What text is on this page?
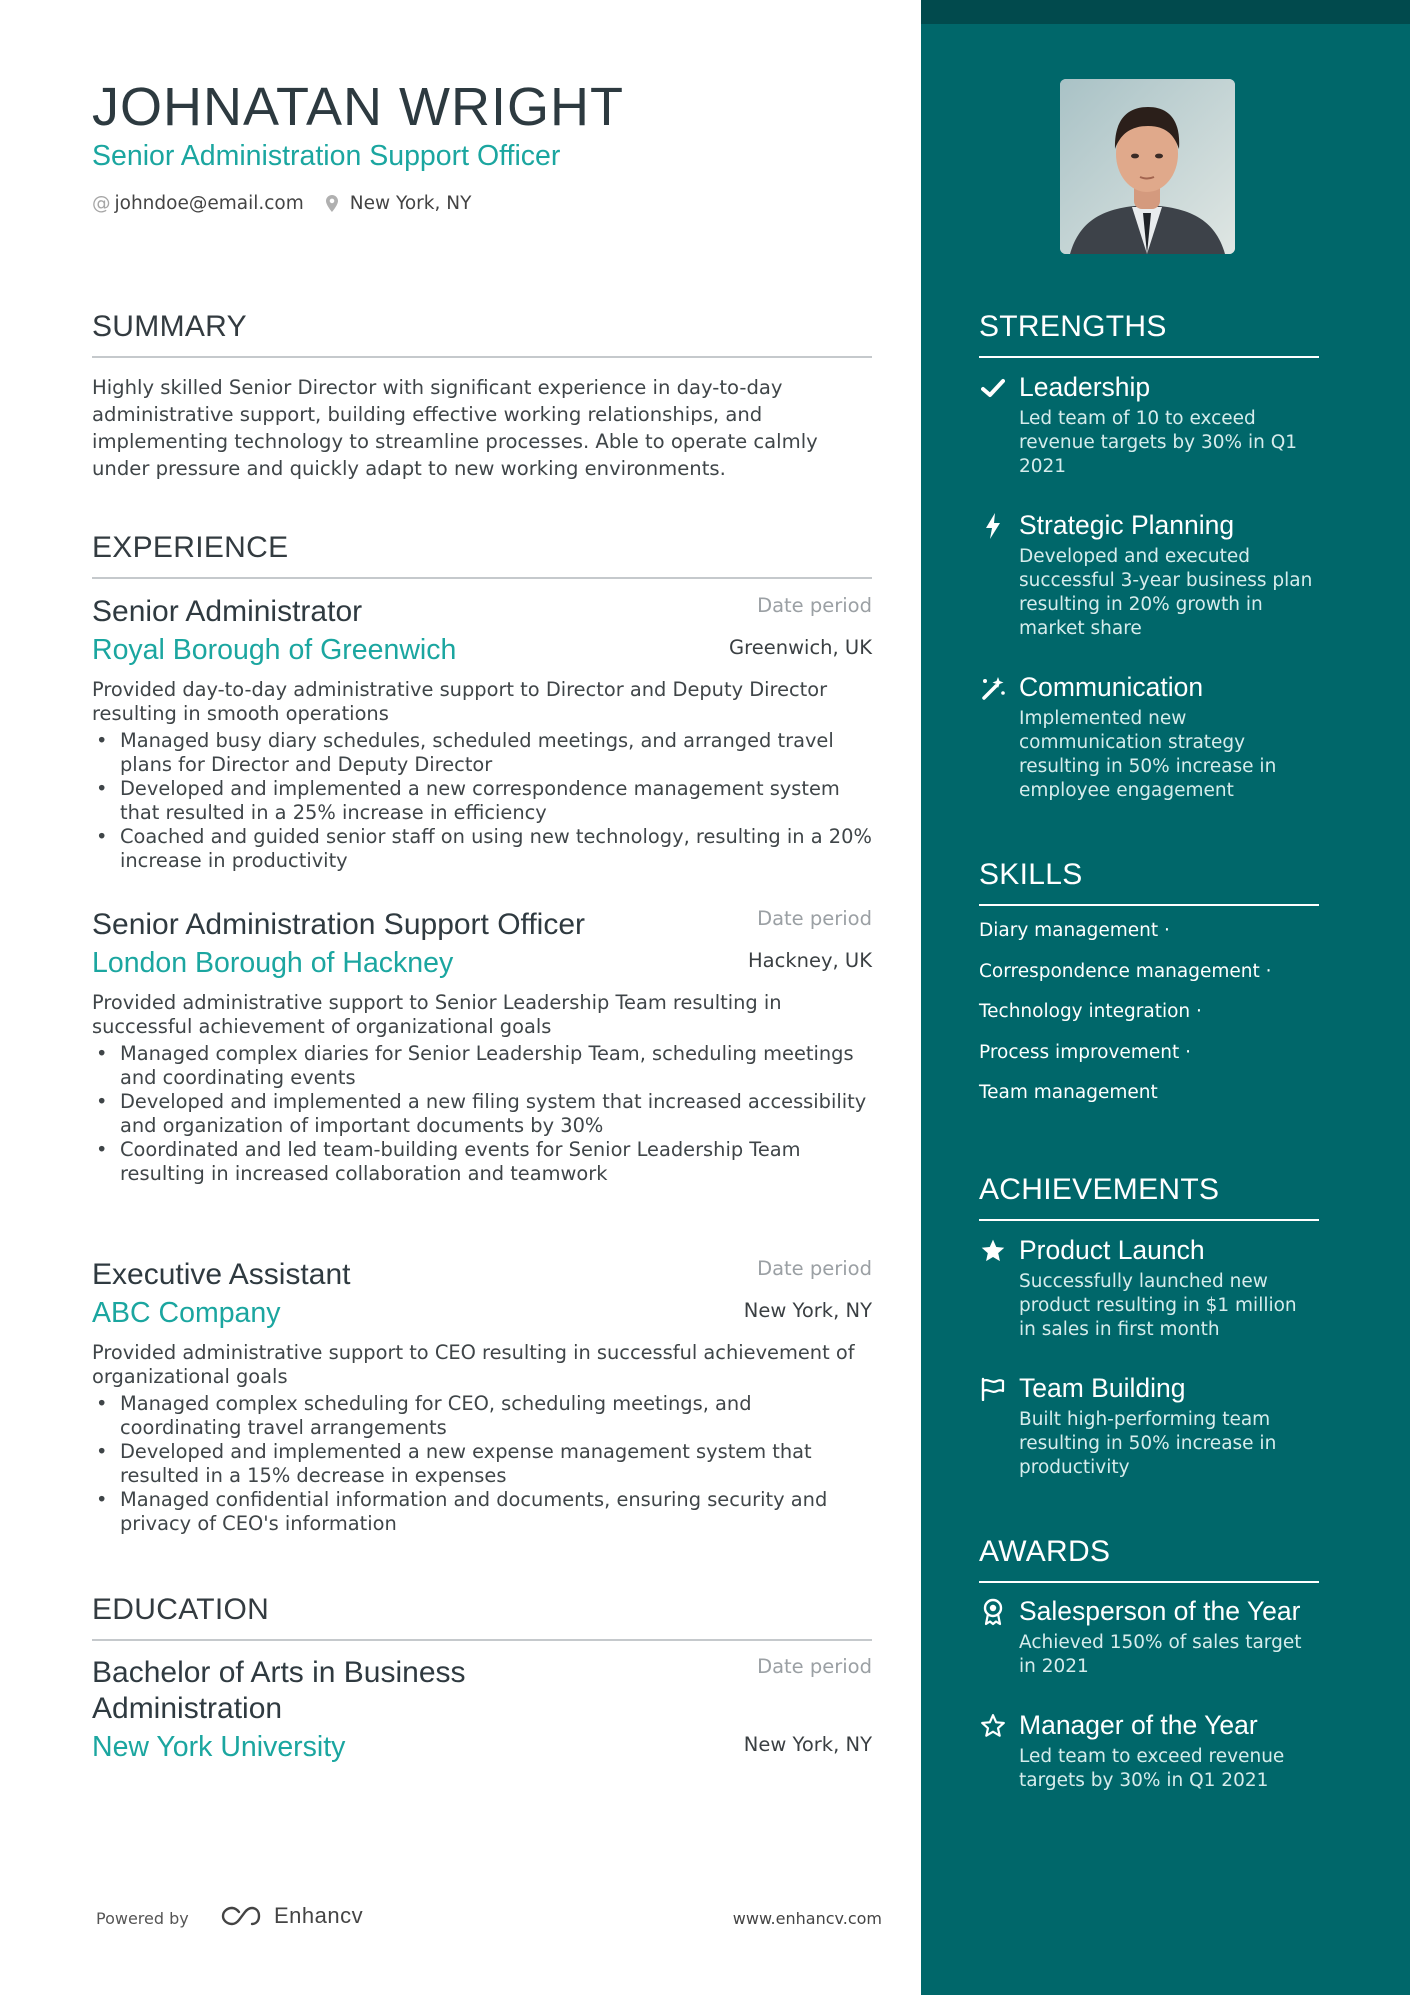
JOHNATAN WRIGHT
Senior Administration Support Officer
@ johndoe@email.com New York, NY
SUMMARY

Highly skilled Senior Director with significant experience in day-to-day administrative support, building effective working relationships, and implementing technology to streamline processes. Able to operate calmly under pressure and quickly adapt to new working environments.

EXPERIENCE
Senior Administrator	Date period
Royal Borough of Greenwich	Greenwich, UK

Provided day-to-day administrative support to Director and Deputy Director resulting in smooth operations

• Managed busy diary schedules, scheduled meetings, and arranged travel plans for Director and Deputy Director
• Developed and implemented a new correspondence management system that resulted in a 25% increase in efficiency
• Coached and guided senior staff on using new technology, resulting in a 20% increase in productivity
Senior Administration Support Officer	Date period
London Borough of Hackney	Hackney, UK

Provided administrative support to Senior Leadership Team resulting in successful achievement of organizational goals

• Managed complex diaries for Senior Leadership Team, scheduling meetings and coordinating events
• Developed and implemented a new filing system that increased accessibility and organization of important documents by 30%
• Coordinated and led team-building events for Senior Leadership Team resulting in increased collaboration and teamwork
Executive Assistant	Date period
ABC Company	New York, NY

Provided administrative support to CEO resulting in successful achievement of organizational goals

• Managed complex scheduling for CEO, scheduling meetings, and coordinating travel arrangements
• Developed and implemented a new expense management system that resulted in a 15% decrease in expenses
• Managed confidential information and documents, ensuring security and privacy of CEO's information
EDUCATION
Bachelor of Arts in Business Administration
Date period
New York University	New York, NY
Powered by	Enhancv	www.enhancv.com
STRENGTHS
Leadership
Led team of 10 to exceed revenue targets by 30% in Q1 2021
Strategic Planning
Developed and executed successful 3-year business plan resulting in 20% growth in market share
Communication
Implemented new communication strategy resulting in 50% increase in employee engagement
SKILLS
Diary management ·
Correspondence management ·
Technology integration ·
Process improvement ·
Team management
ACHIEVEMENTS
Product Launch
Successfully launched new product resulting in $1 million in sales in first month
Team Building
Built high-performing team resulting in 50% increase in productivity
AWARDS
Salesperson of the Year
Achieved 150% of sales target in 2021
Manager of the Year
Led team to exceed revenue targets by 30% in Q1 2021
